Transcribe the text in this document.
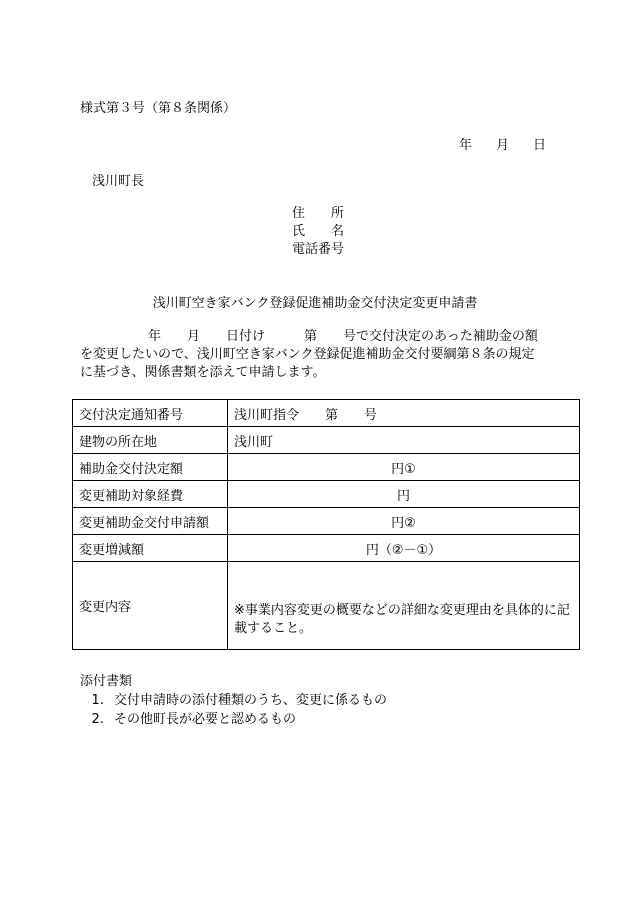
様式第３号（第８条関係）
年 月 日
浅川町長
住　　所
氏　　名
電話番号
浅川町空き家バンク登録促進補助金交付決定変更申請書
年　　月　　日付け　　　第　　号で交付決定のあった補助金の額
を変更したいので、浅川町空き家バンク登録促進補助金交付要綱第８条の規定
に基づき、関係書類を添えて申請します。
交付決定通知番号	浅川町指令　　第　　号
建物の所在地	浅川町
補助金交付決定額	円①
変更補助対象経費	円
変更補助金交付申請額	円②
変更増減額	円（②－①）
変更内容	※事業内容変更の概要などの詳細な変更理由を具体的に記載すること。
添付書類
1. 交付申請時の添付種類のうち、変更に係るもの
2. その他町長が必要と認めるもの
